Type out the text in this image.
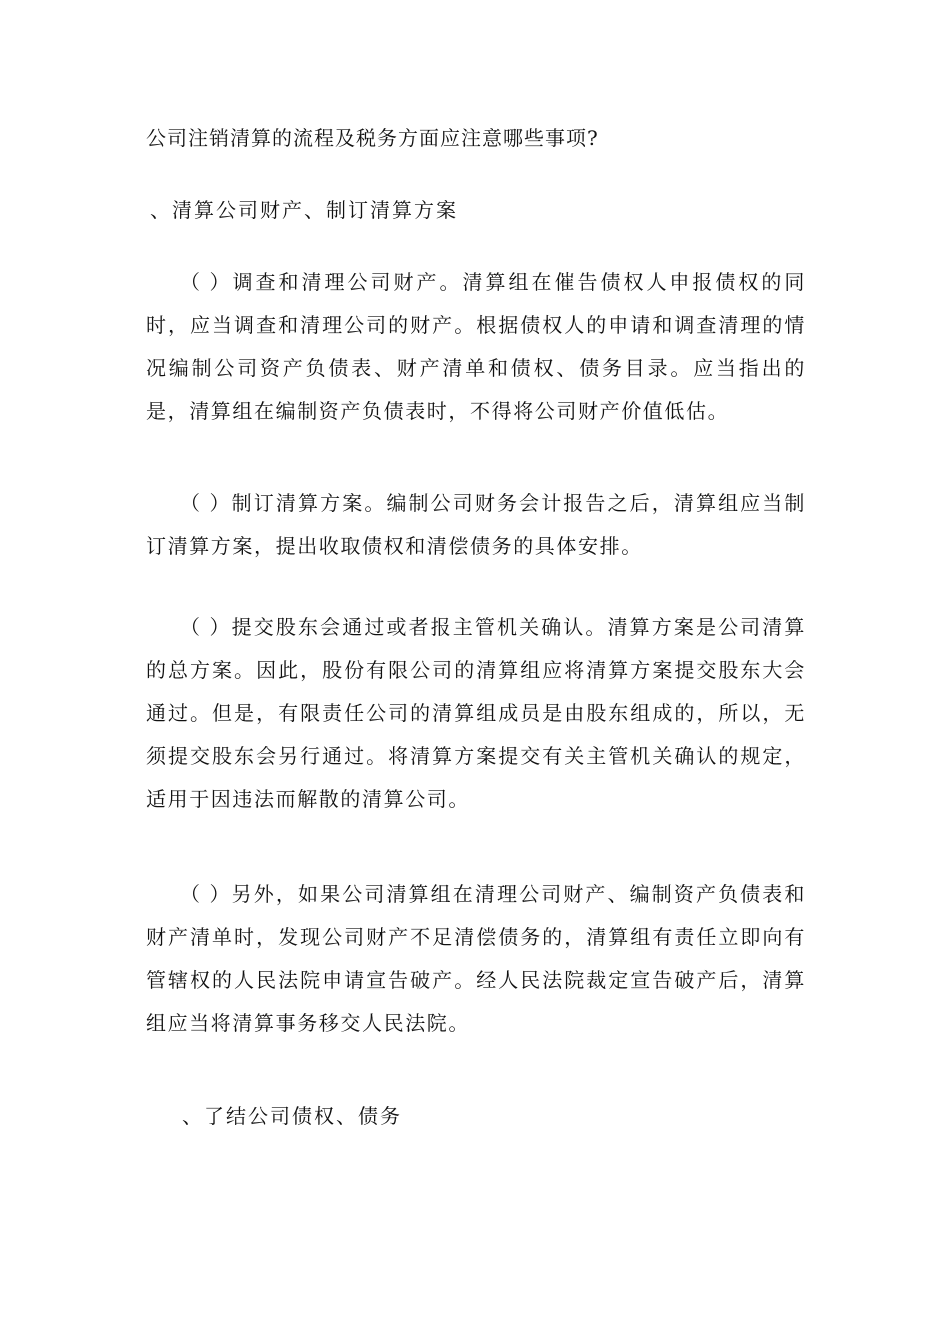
公司注销清算的流程及税务方面应注意哪些事项?
、清算公司财产、制订清算方案

（ ）调查和清理公司财产。清算组在催告债权人申报债权的同时，应当调查和清理公司的财产。根据债权人的申请和调查清理的情况编制公司资产负债表、财产清单和债权、债务目录。应当指出的是，清算组在编制资产负债表时，不得将公司财产价值低估。

（ ）制订清算方案。编制公司财务会计报告之后，清算组应当制订清算方案，提出收取债权和清偿债务的具体安排。

（ ）提交股东会通过或者报主管机关确认。清算方案是公司清算的总方案。因此，股份有限公司的清算组应将清算方案提交股东大会通过。但是，有限责任公司的清算组成员是由股东组成的，所以，无须提交股东会另行通过。将清算方案提交有关主管机关确认的规定，适用于因违法而解散的清算公司。

（ ）另外，如果公司清算组在清理公司财产、编制资产负债表和财产清单时，发现公司财产不足清偿债务的，清算组有责任立即向有管辖权的人民法院申请宣告破产。经人民法院裁定宣告破产后，清算组应当将清算事务移交人民法院。

、了结公司债权、债务
